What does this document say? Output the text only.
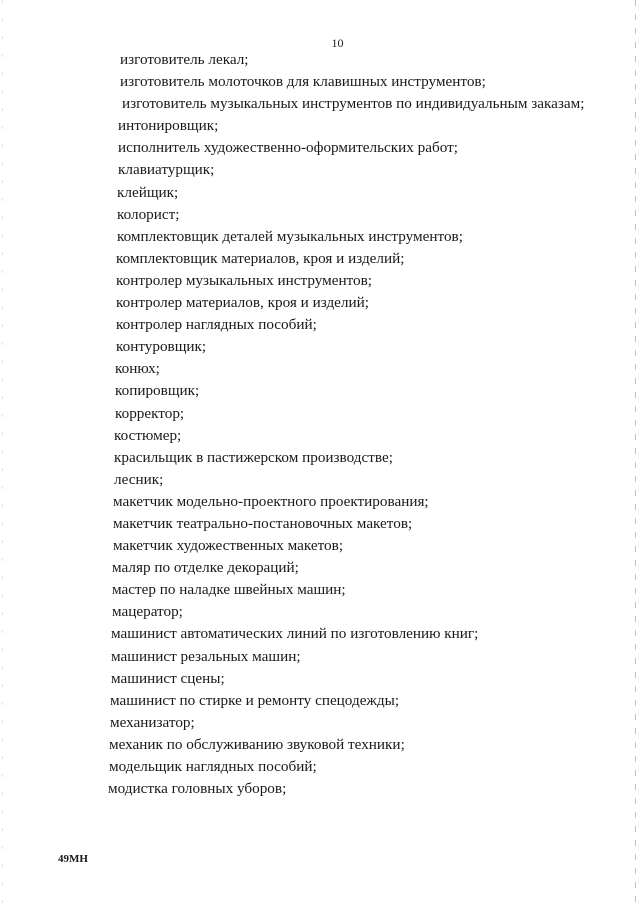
10
изготовитель лекал;
изготовитель молоточков для клавишных инструментов;
изготовитель музыкальных инструментов по индивидуальным заказам;
интонировщик;
исполнитель художественно-оформительских работ;
клавиатурщик;
клейщик;
колорист;
комплектовщик деталей музыкальных инструментов;
комплектовщик материалов, кроя и изделий;
контролер музыкальных инструментов;
контролер материалов, кроя и изделий;
контролер наглядных пособий;
контуровщик;
конюх;
копировщик;
корректор;
костюмер;
красильщик в пастижерском производстве;
лесник;
макетчик модельно-проектного проектирования;
макетчик театрально-постановочных макетов;
макетчик художественных макетов;
маляр по отделке декораций;
мастер по наладке швейных машин;
мацератор;
машинист автоматических линий по изготовлению книг;
машинист резальных машин;
машинист сцены;
машинист по стирке и ремонту спецодежды;
механизатор;
механик по обслуживанию звуковой техники;
модельщик наглядных пособий;
модистка головных уборов;
49МН
